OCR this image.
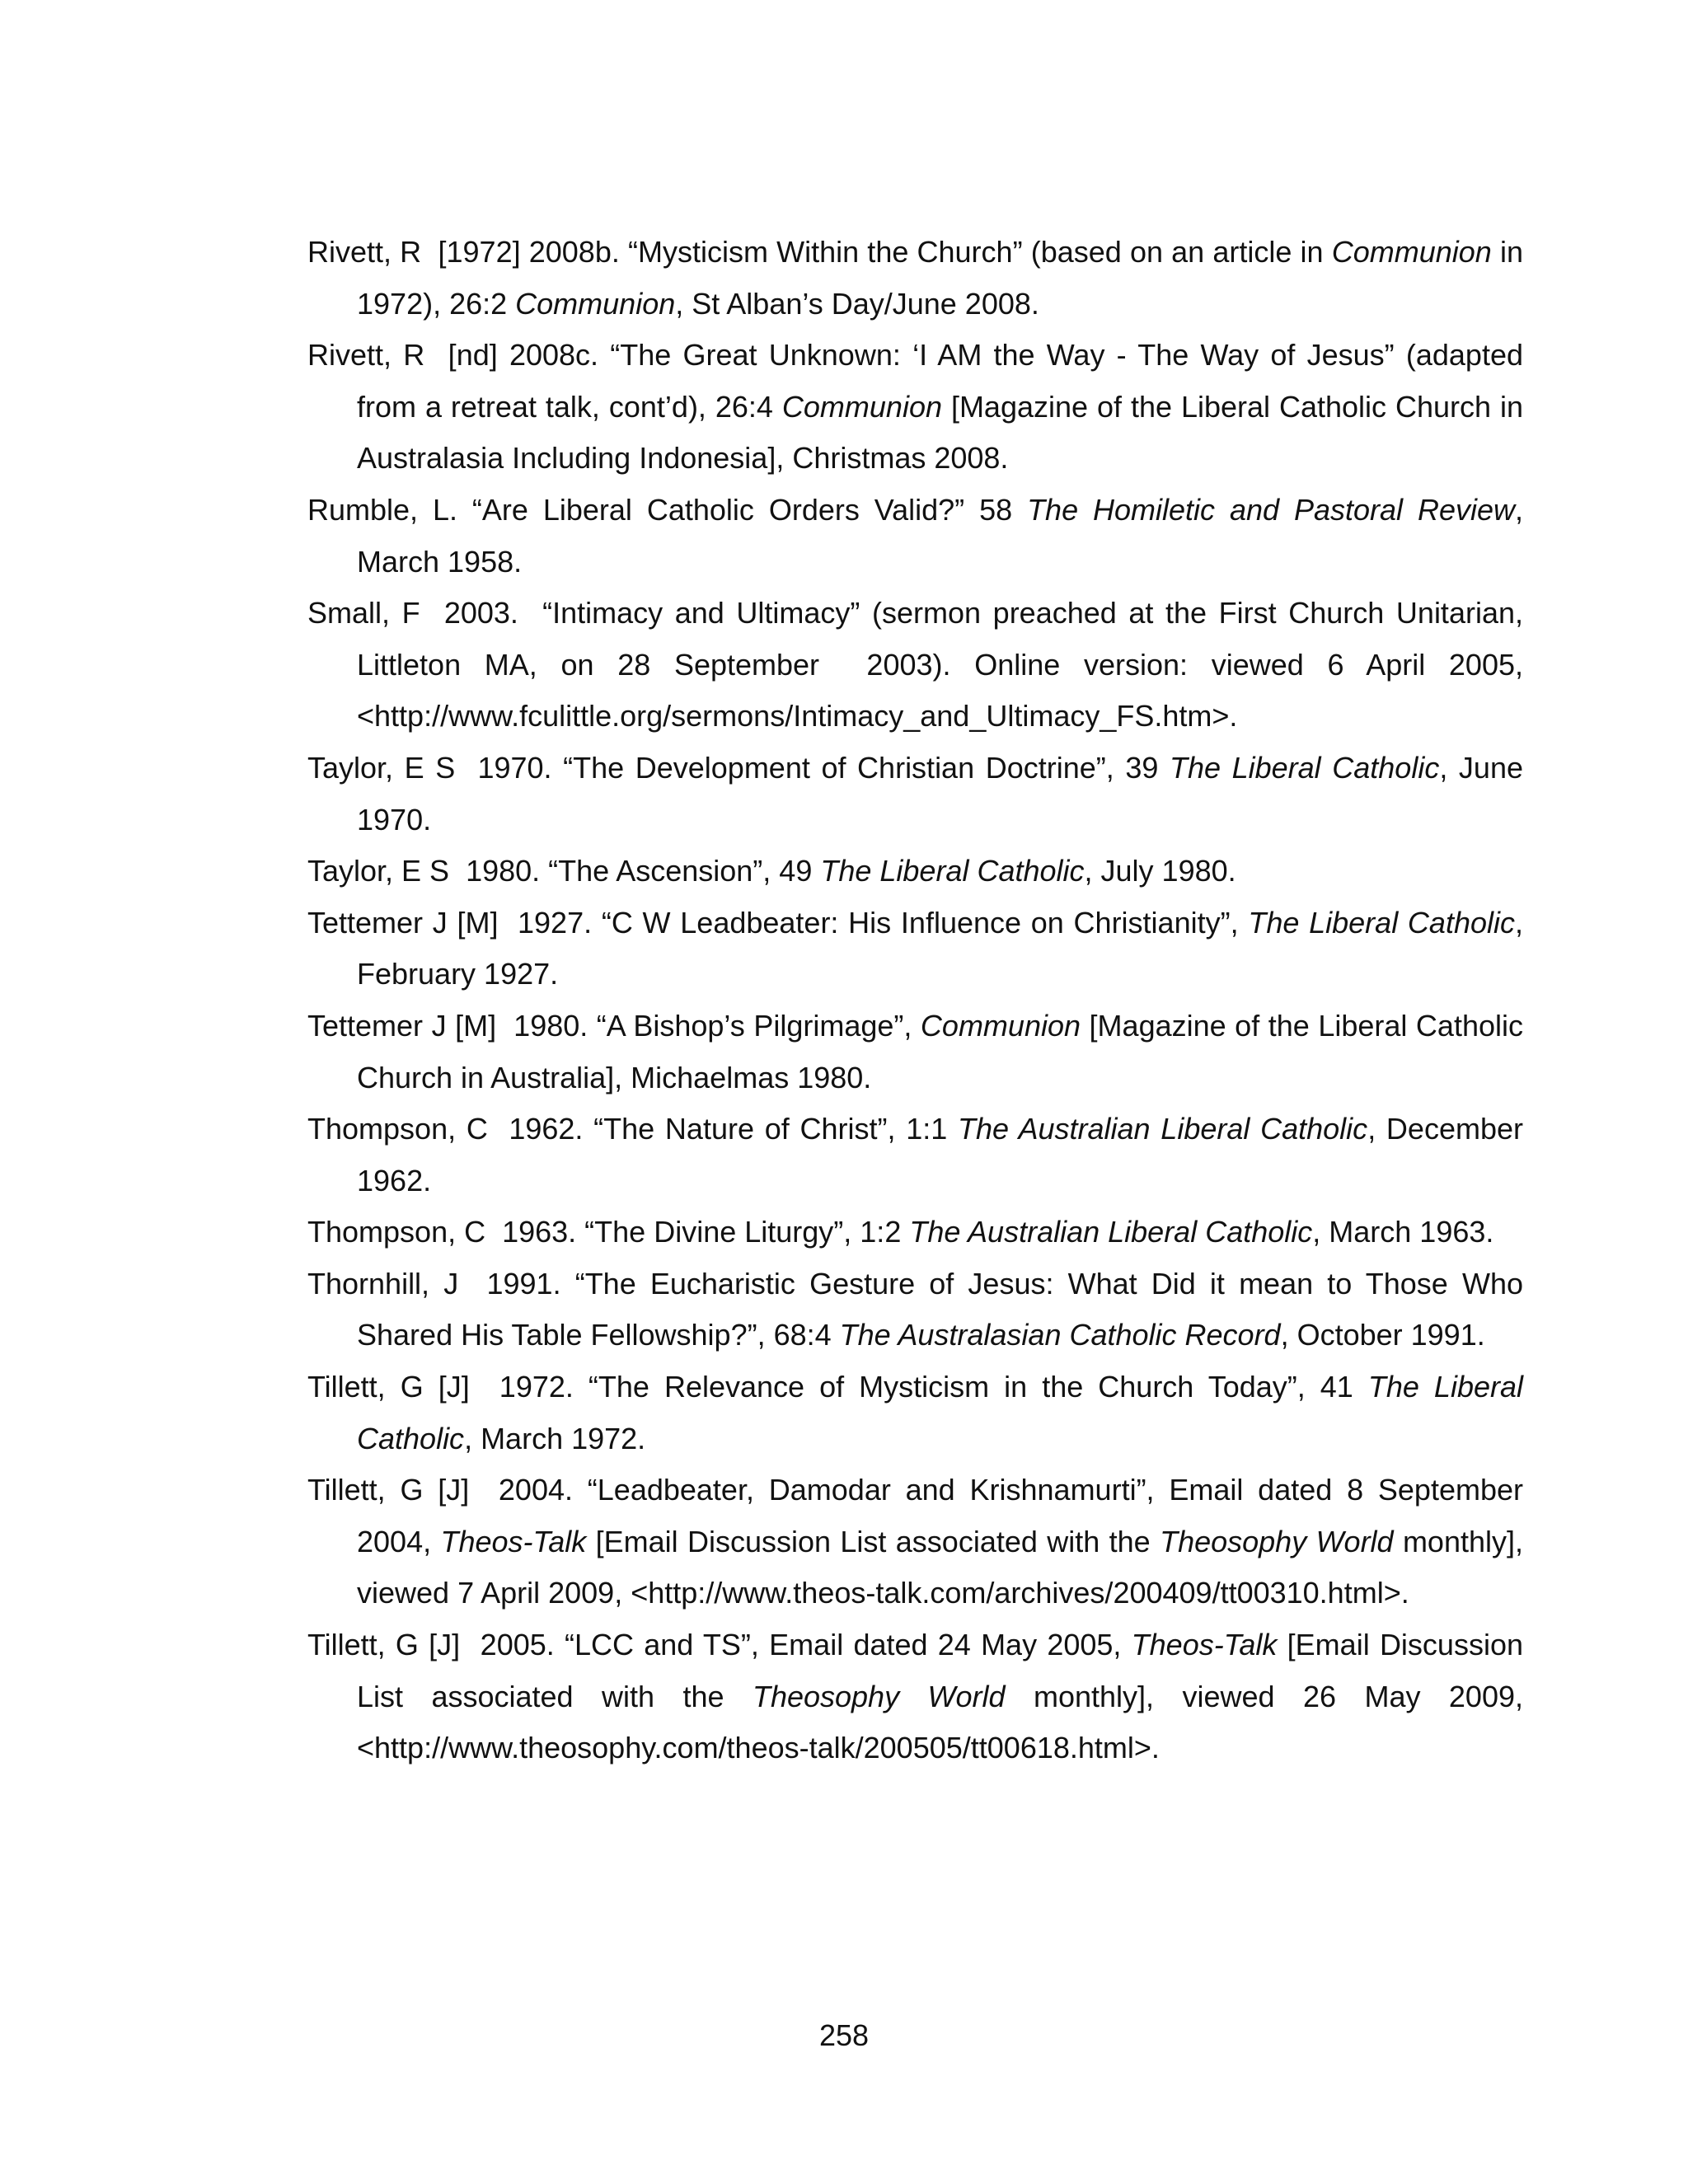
Rivett, R  [1972] 2008b. “Mysticism Within the Church” (based on an article in Communion in 1972), 26:2 Communion, St Alban’s Day/June 2008.

Rivett, R  [nd] 2008c. “The Great Unknown: ‘I AM the Way - The Way of Jesus” (adapted from a retreat talk, cont’d), 26:4 Communion [Magazine of the Liberal Catholic Church in Australasia Including Indonesia], Christmas 2008.

Rumble, L. “Are Liberal Catholic Orders Valid?” 58 The Homiletic and Pastoral Review, March 1958.

Small, F  2003.  “Intimacy and Ultimacy” (sermon preached at the First Church Unitarian, Littleton MA, on 28 September  2003). Online version: viewed 6 April 2005, <http://www.fculittle.org/sermons/Intimacy_and_Ultimacy_FS.htm>.

Taylor, E S  1970. “The Development of Christian Doctrine”, 39 The Liberal Catholic, June 1970.

Taylor, E S  1980. “The Ascension”, 49 The Liberal Catholic, July 1980.

Tettemer J [M]  1927. “C W Leadbeater: His Influence on Christianity”, The Liberal Catholic, February 1927.

Tettemer J [M]  1980. “A Bishop’s Pilgrimage”, Communion [Magazine of the Liberal Catholic Church in Australia], Michaelmas 1980.

Thompson, C  1962. “The Nature of Christ”, 1:1 The Australian Liberal Catholic, December 1962.

Thompson, C  1963. “The Divine Liturgy”, 1:2 The Australian Liberal Catholic, March 1963.

Thornhill, J  1991. “The Eucharistic Gesture of Jesus: What Did it mean to Those Who Shared His Table Fellowship?”, 68:4 The Australasian Catholic Record, October 1991.

Tillett, G [J]  1972. “The Relevance of Mysticism in the Church Today”, 41 The Liberal Catholic, March 1972.

Tillett, G [J]  2004. “Leadbeater, Damodar and Krishnamurti”, Email dated 8 September 2004, Theos-Talk [Email Discussion List associated with the Theosophy World monthly], viewed 7 April 2009, <http://www.theos-talk.com/archives/200409/tt00310.html>.

Tillett, G [J]  2005. “LCC and TS”, Email dated 24 May 2005, Theos-Talk [Email Discussion List associated with the Theosophy World monthly], viewed 26 May 2009, <http://www.theosophy.com/theos-talk/200505/tt00618.html>.

258
